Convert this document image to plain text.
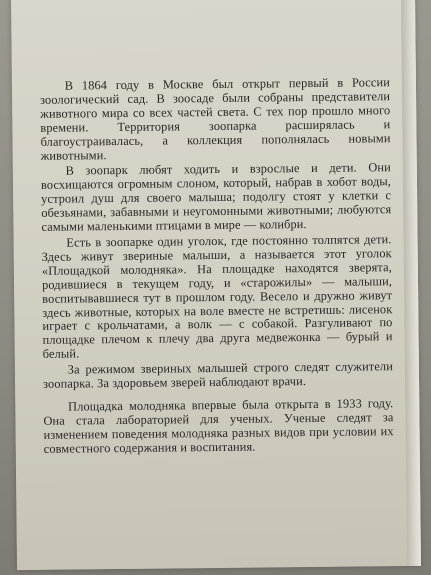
В 1864 году в Москве был открыт первый в России зоологический сад. В зоосаде были собраны представители животного мира со всех частей света. С тех пор прошло много времени. Территория зоопарка расширялась и благоустраивалась, а коллекция пополнялась новыми животными.

В зоопарк любят ходить и взрослые и дети. Они восхищаются огромным слоном, который, набрав в хобот воды, устроил душ для своего малыша; подолгу стоят у клетки с обезьянами, забавными и неугомонными животными; любуются самыми маленькими птицами в мире — колибри.

Есть в зоопарке один уголок, где постоянно толпятся дети. Здесь живут звериные малыши, а называется этот уголок «Площадкой молодняка». На площадке находятся зверята, родившиеся в текущем году, и «старожилы» — малыши, воспитывавшиеся тут в прошлом году. Весело и дружно живут здесь животные, которых на воле вместе не встретишь: лисенок играет с крольчатами, а волк — с собакой. Разгуливают по площадке плечом к плечу два друга медвежонка — бурый и белый.

За режимом звериных малышей строго следят служители зоопарка. За здоровьем зверей наблюдают врачи.

Площадка молодняка впервые была открыта в 1933 году. Она стала лабораторией для ученых. Ученые следят за изменением поведения молодняка разных видов при условии их совместного содержания и воспитания.
